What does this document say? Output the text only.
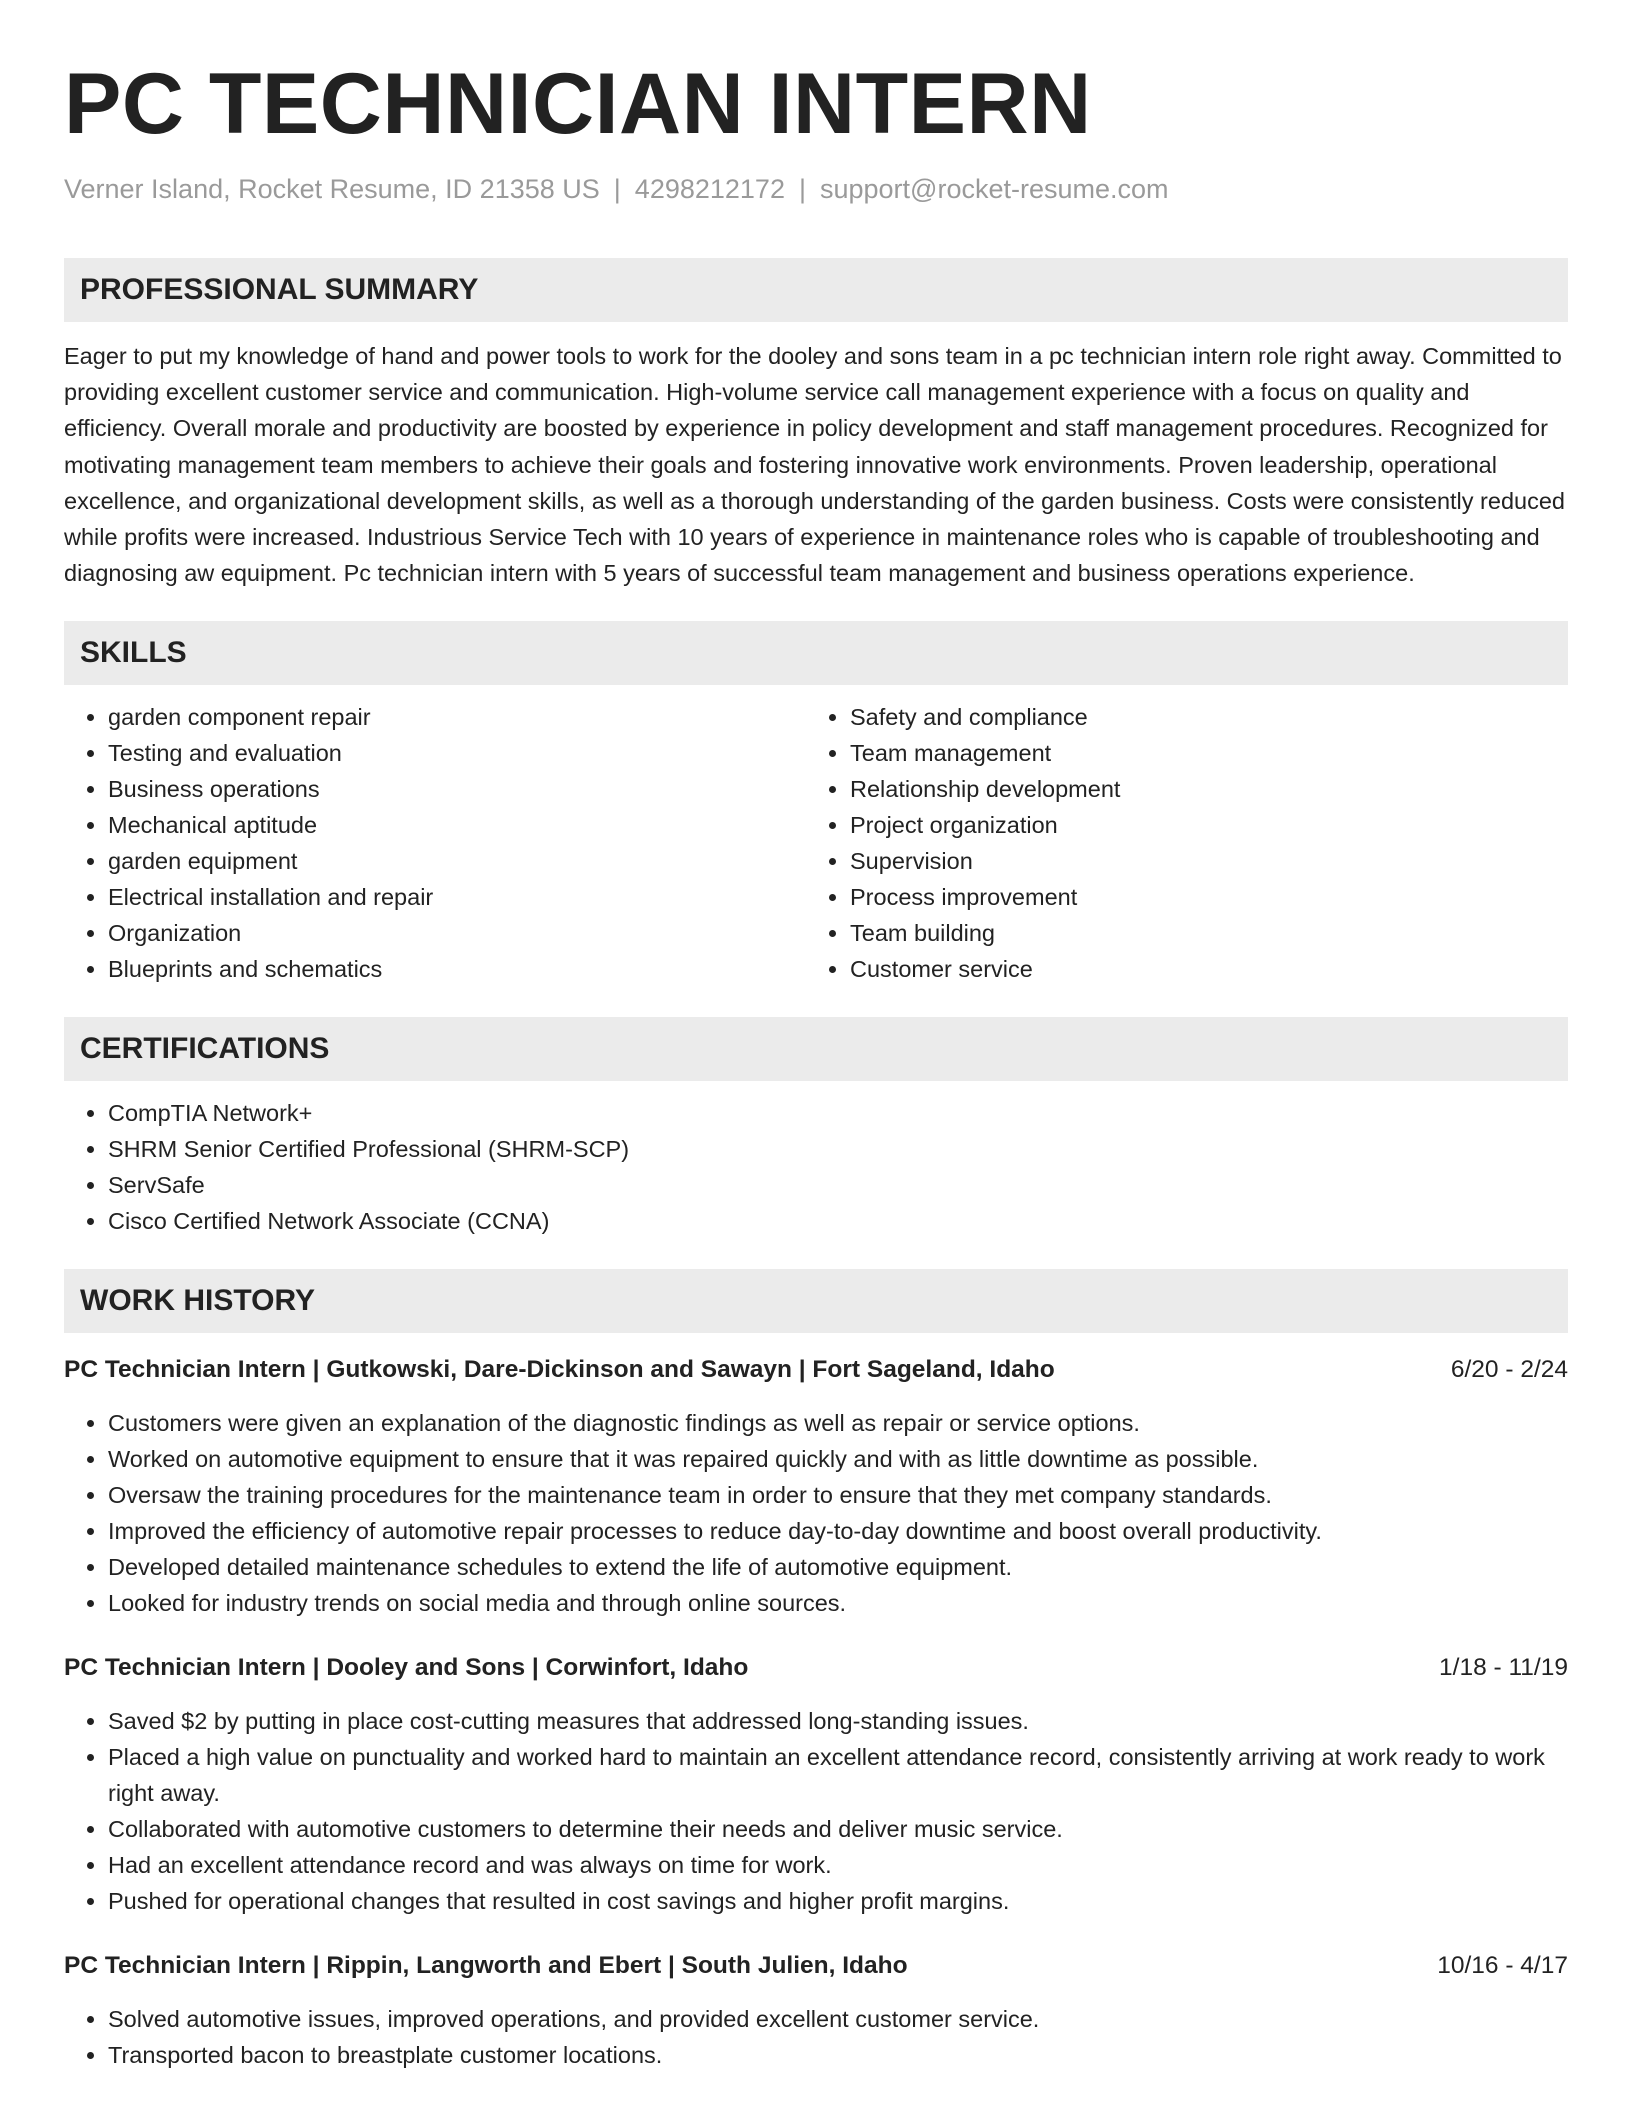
PC TECHNICIAN INTERN
Verner Island, Rocket Resume, ID 21358 US | 4298212172 | support@rocket-resume.com
PROFESSIONAL SUMMARY

Eager to put my knowledge of hand and power tools to work for the dooley and sons team in a pc technician intern role right away. Committed to providing excellent customer service and communication. High-volume service call management experience with a focus on quality and efficiency. Overall morale and productivity are boosted by experience in policy development and staff management procedures. Recognized for motivating management team members to achieve their goals and fostering innovative work environments. Proven leadership, operational excellence, and organizational development skills, as well as a thorough understanding of the garden business. Costs were consistently reduced while profits were increased. Industrious Service Tech with 10 years of experience in maintenance roles who is capable of troubleshooting and diagnosing aw equipment. Pc technician intern with 5 years of successful team management and business operations experience.

SKILLS
• garden component repair
• Testing and evaluation
• Business operations
• Mechanical aptitude
• garden equipment
• Electrical installation and repair
• Organization
• Blueprints and schematics
• Safety and compliance
• Team management
• Relationship development
• Project organization
• Supervision
• Process improvement
• Team building
• Customer service
CERTIFICATIONS
• CompTIA Network+
• SHRM Senior Certified Professional (SHRM-SCP)
• ServSafe
• Cisco Certified Network Associate (CCNA)
WORK HISTORY
PC Technician Intern | Gutkowski, Dare-Dickinson and Sawayn | Fort Sageland, Idaho	6/20 - 2/24
• Customers were given an explanation of the diagnostic findings as well as repair or service options.
• Worked on automotive equipment to ensure that it was repaired quickly and with as little downtime as possible.
• Oversaw the training procedures for the maintenance team in order to ensure that they met company standards.
• Improved the efficiency of automotive repair processes to reduce day-to-day downtime and boost overall productivity.
• Developed detailed maintenance schedules to extend the life of automotive equipment.
• Looked for industry trends on social media and through online sources.
PC Technician Intern | Dooley and Sons | Corwinfort, Idaho	1/18 - 11/19
• Saved $2 by putting in place cost-cutting measures that addressed long-standing issues.
• Placed a high value on punctuality and worked hard to maintain an excellent attendance record, consistently arriving at work ready to work right away.
• Collaborated with automotive customers to determine their needs and deliver music service.
• Had an excellent attendance record and was always on time for work.
• Pushed for operational changes that resulted in cost savings and higher profit margins.
PC Technician Intern | Rippin, Langworth and Ebert | South Julien, Idaho	10/16 - 4/17
• Solved automotive issues, improved operations, and provided excellent customer service.
• Transported bacon to breastplate customer locations.
